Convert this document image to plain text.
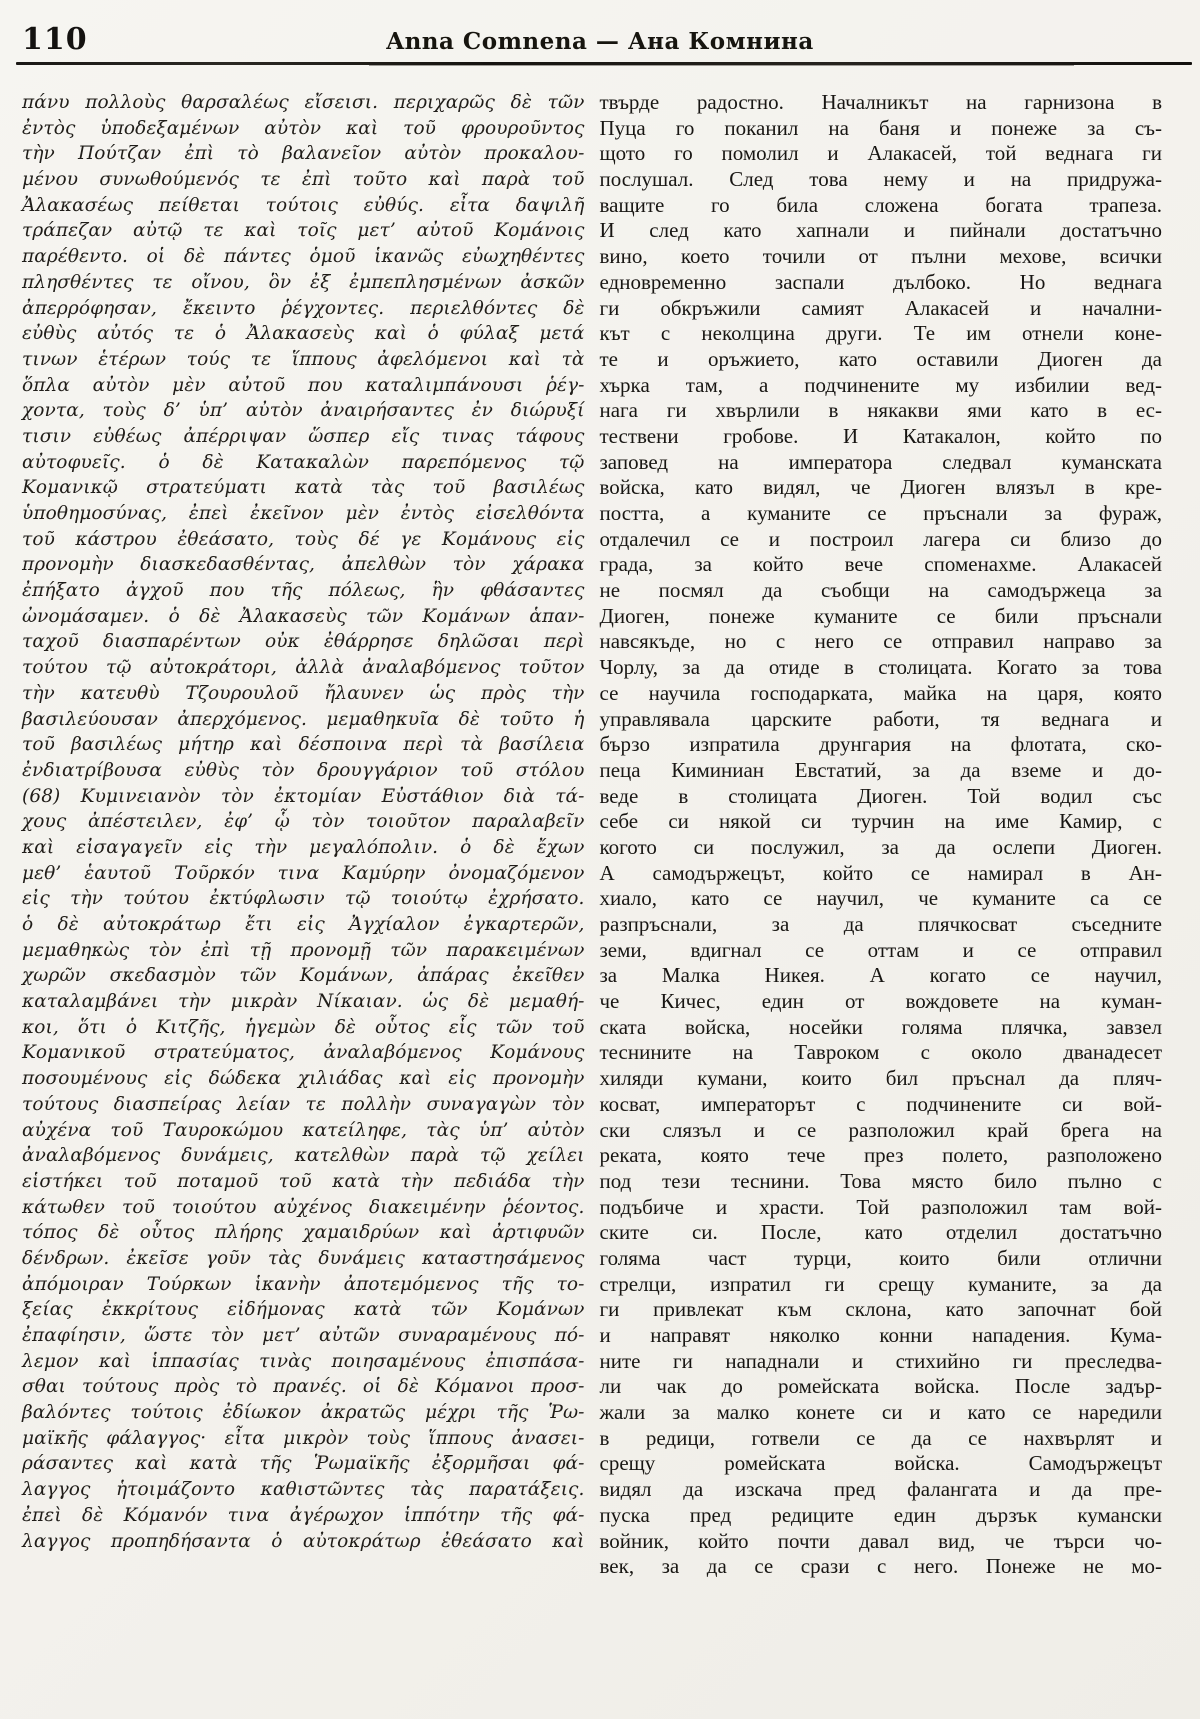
110	Anna Comnena — Ана Комнина
πάνυ πολλοὺς θαρσαλέως εἴσεισι. περιχαρῶς δὲ τῶν
ἐντὸς ὑποδεξαμένων αὐτὸν καὶ τοῦ φρουροῦντος
τὴν Πούτζαν ἐπὶ τὸ βαλανεῖον αὐτὸν προκαλου-
μένου συνωθούμενός τε ἐπὶ τοῦτο καὶ παρὰ τοῦ
Ἀλακασέως πείθεται τούτοις εὐθύς. εἶτα δαψιλῆ
τράπεζαν αὐτῷ τε καὶ τοῖς μετ’ αὐτοῦ Κομάνοις
παρέθεντο. οἱ δὲ πάντες ὁμοῦ ἱκανῶς εὐωχηθέντες
πλησθέντες τε οἴνου, ὃν ἐξ ἐμπεπλησμένων ἀσκῶν
ἀπερρόφησαν, ἔκειντο ῥέγχοντες. περιελθόντες δὲ
εὐθὺς αὐτός τε ὁ Ἀλακασεὺς καὶ ὁ φύλαξ μετά
τινων ἑτέρων τούς τε ἵππους ἀφελόμενοι καὶ τὰ
ὅπλα αὐτὸν μὲν αὐτοῦ που καταλιμπάνουσι ῥέγ-
χοντα, τοὺς δ’ ὑπ’ αὐτὸν ἀναιρήσαντες ἐν διώρυξί
τισιν εὐθέως ἀπέρριψαν ὥσπερ εἴς τινας τάφους
αὐτοφυεῖς. ὁ δὲ Κατακαλὼν παρεπόμενος τῷ
Κομανικῷ στρατεύματι κατὰ τὰς τοῦ βασιλέως
ὑποθημοσύνας, ἐπεὶ ἐκεῖνον μὲν ἐντὸς εἰσελθόντα
τοῦ κάστρου ἐθεάσατο, τοὺς δέ γε Κομάνους εἰς
προνομὴν διασκεδασθέντας, ἀπελθὼν τὸν χάρακα
ἐπήξατο ἀγχοῦ που τῆς πόλεως, ἣν φθάσαντες
ὠνομάσαμεν. ὁ δὲ Ἀλακασεὺς τῶν Κομάνων ἁπαν-
ταχοῦ διασπαρέντων οὐκ ἐθάρρησε δηλῶσαι περὶ
τούτου τῷ αὐτοκράτορι, ἀλλὰ ἀναλαβόμενος τοῦτον
τὴν κατευθὺ Τζουρουλοῦ ἤλαυνεν ὡς πρὸς τὴν
βασιλεύουσαν ἀπερχόμενος. μεμαθηκυῖα δὲ τοῦτο ἡ
τοῦ βασιλέως μήτηρ καὶ δέσποινα περὶ τὰ βασίλεια
ἐνδιατρίβουσα εὐθὺς τὸν δρουγγάριον τοῦ στόλου
(68) Κυμινειανὸν τὸν ἐκτομίαν Εὐστάθιον διὰ τά-
χους ἀπέστειλεν, ἐφ’ ᾧ τὸν τοιοῦτον παραλαβεῖν
καὶ εἰσαγαγεῖν εἰς τὴν μεγαλόπολιν. ὁ δὲ ἔχων
μεθ’ ἑαυτοῦ Τοῦρκόν τινα Καμύρην ὀνομαζόμενον
εἰς τὴν τούτου ἐκτύφλωσιν τῷ τοιούτῳ ἐχρήσατο.
ὁ δὲ αὐτοκράτωρ ἔτι εἰς Ἀγχίαλον ἐγκαρτερῶν,
μεμαθηκὼς τὸν ἐπὶ τῇ προνομῇ τῶν παρακειμένων
χωρῶν σκεδασμὸν τῶν Κομάνων, ἀπάρας ἐκεῖθεν
καταλαμβάνει τὴν μικρὰν Νίκαιαν. ὡς δὲ μεμαθή-
κοι, ὅτι ὁ Κιτζῆς, ἡγεμὼν δὲ οὗτος εἷς τῶν τοῦ
Κομανικοῦ στρατεύματος, ἀναλαβόμενος Κομάνους
ποσουμένους εἰς δώδεκα χιλιάδας καὶ εἰς προνομὴν
τούτους διασπείρας λείαν τε πολλὴν συναγαγὼν τὸν
αὐχένα τοῦ Ταυροκώμου κατείληφε, τὰς ὑπ’ αὐτὸν
ἀναλαβόμενος δυνάμεις, κατελθὼν παρὰ τῷ χείλει
εἱστήκει τοῦ ποταμοῦ τοῦ κατὰ τὴν πεδιάδα τὴν
κάτωθεν τοῦ τοιούτου αὐχένος διακειμένην ῥέοντος.
τόπος δὲ οὗτος πλήρης χαμαιδρύων καὶ ἀρτιφυῶν
δένδρων. ἐκεῖσε γοῦν τὰς δυνάμεις καταστησάμενος
ἀπόμοιραν Τούρκων ἱκανὴν ἀποτεμόμενος τῆς το-
ξείας ἐκκρίτους εἰδήμονας κατὰ τῶν Κομάνων
ἐπαφίησιν, ὥστε τὸν μετ’ αὐτῶν συναραμένους πό-
λεμον καὶ ἱππασίας τινὰς ποιησαμένους ἐπισπάσα-
σθαι τούτους πρὸς τὸ πρανές. οἱ δὲ Κόμανοι προσ-
βαλόντες τούτοις ἐδίωκον ἀκρατῶς μέχρι τῆς Ῥω-
μαϊκῆς φάλαγγος· εἶτα μικρὸν τοὺς ἵππους ἀνασει-
ράσαντες καὶ κατὰ τῆς Ῥωμαϊκῆς ἐξορμῆσαι φά-
λαγγος ἡτοιμάζοντο καθιστῶντες τὰς παρατάξεις.
ἐπεὶ δὲ Κόμανόν τινα ἀγέρωχον ἱππότην τῆς φά-
λαγγος προπηδήσαντα ὁ αὐτοκράτωρ ἐθεάσατο καὶ
твърде радостно. Началникът на гарнизона в
Пуца го поканил на баня и понеже за съ-
щото го помолил и Алакасей, той веднага ги
послушал. След това нему и на придружа-
ващите го била сложена богата трапеза.
И след като хапнали и пийнали достатъчно
вино, което точили от пълни мехове, всички
едновременно заспали дълбоко. Но веднага
ги обкръжили самият Алакасей и начални-
кът с неколцина други. Те им отнели коне-
те и оръжието, като оставили Диоген да
хърка там, а подчинените му избилии вед-
нага ги хвърлили в някакви ями като в ес-
тествени гробове. И Катакалон, който по
заповед на императора следвал куманската
войска, като видял, че Диоген влязъл в кре-
постта, а куманите се пръснали за фураж,
отдалечил се и построил лагера си близо до
града, за който вече споменахме. Алакасей
не посмял да съобщи на самодържеца за
Диоген, понеже куманите се били пръснали
навсякъде, но с него се отправил направо за
Чорлу, за да отиде в столицата. Когато за това
се научила господарката, майка на царя, която
управлявала царските работи, тя веднага и
бързо изпратила друнгария на флотата, ско-
пеца Киминиан Евстатий, за да вземе и до-
веде в столицата Диоген. Той водил със
себе си някой си турчин на име Камир, с
когото си послужил, за да ослепи Диоген.
А самодържецът, който се намирал в Ан-
хиало, като се научил, че куманите са се
разпръснали, за да плячкосват съседните
земи, вдигнал се оттам и се отправил
за Малка Никея. А когато се научил,
че Кичес, един от вождовете на куман-
ската войска, носейки голяма плячка, завзел
теснините на Тавроком с около дванадесет
хиляди кумани, които бил пръснал да пляч-
косват, императорът с подчинените си вой-
ски слязъл и се разположил край брега на
реката, която тече през полето, разположено
под тези теснини. Това място било пълно с
подъбиче и храсти. Той разположил там вой-
ските си. После, като отделил достатъчно
голяма част турци, които били отлични
стрелци, изпратил ги срещу куманите, за да
ги привлекат към склона, като започнат бой
и направят няколко конни нападения. Кума-
ните ги нападнали и стихийно ги преследва-
ли чак до ромейската войска. После задър-
жали за малко конете си и като се наредили
в редици, готвели се да се нахвърлят и
срещу ромейската войска. Самодържецът
видял да изскача пред фалангата и да пре-
пуска пред редиците един дързък кумански
войник, който почти давал вид, че търси чо-
век, за да се срази с него. Понеже не мо-
